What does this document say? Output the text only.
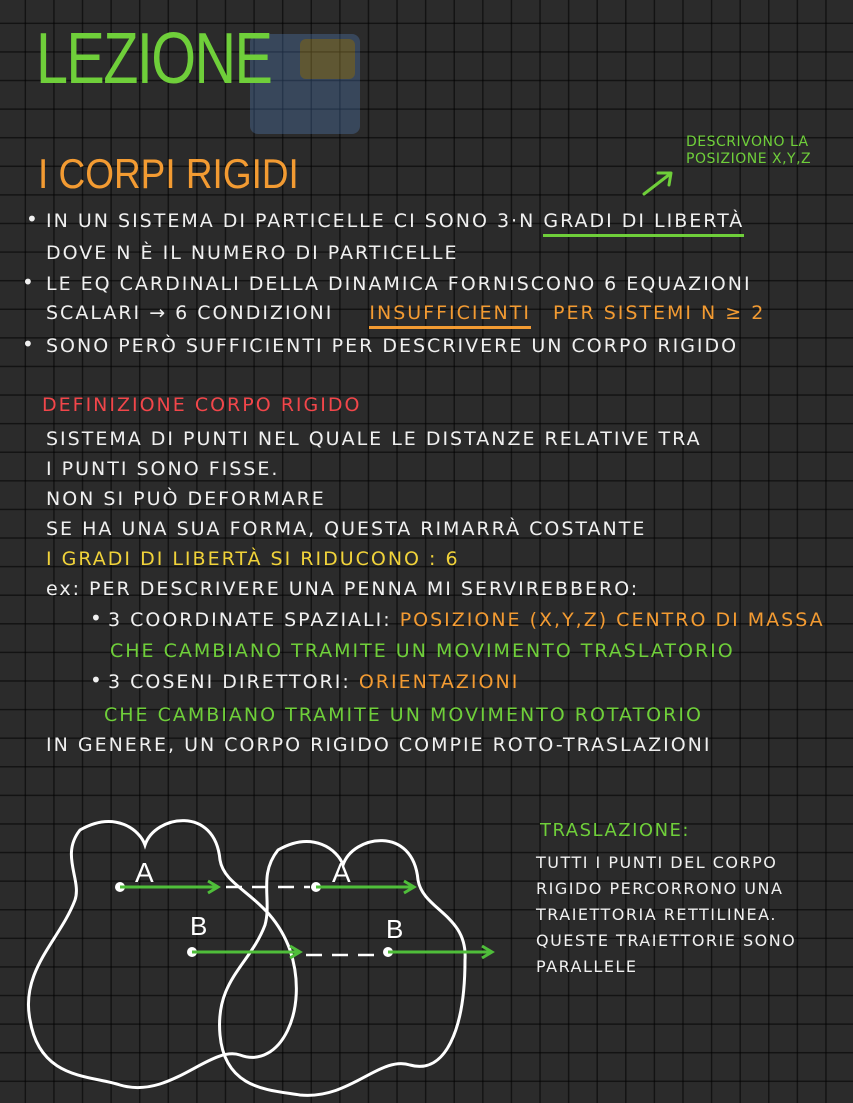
LEZIONE
I CORPI RIGIDI
DESCRIVONO LA POSIZIONE X,Y,Z
• IN UN SISTEMA DI PARTICELLE CI SONO 3·N GRADI DI LIBERTÀ
DOVE N È IL NUMERO DI PARTICELLE
• LE EQ CARDINALI DELLA DINAMICA FORNISCONO 6 EQUAZIONI
SCALARI → 6 CONDIZIONI INSUFFICIENTI PER SISTEMI N ≥ 2
• SONO PERÒ SUFFICIENTI PER DESCRIVERE UN CORPO RIGIDO
DEFINIZIONE CORPO RIGIDO
SISTEMA DI PUNTI NEL QUALE LE DISTANZE RELATIVE TRA
I PUNTI SONO FISSE.
NON SI PUÒ DEFORMARE
SE HA UNA SUA FORMA, QUESTA RIMARRÀ COSTANTE
I GRADI DI LIBERTÀ SI RIDUCONO : 6
ex: PER DESCRIVERE UNA PENNA MI SERVIREBBERO:
• 3 COORDINATE SPAZIALI: POSIZIONE (X,Y,Z) CENTRO DI MASSA
CHE CAMBIANO TRAMITE UN MOVIMENTO TRASLATORIO
• 3 COSENI DIRETTORI: ORIENTAZIONI
CHE CAMBIANO TRAMITE UN MOVIMENTO ROTATORIO
IN GENERE, UN CORPO RIGIDO COMPIE ROTO-TRASLAZIONI
A
B
A
B
TRASLAZIONE:
TUTTI I PUNTI DEL CORPO RIGIDO PERCORRONO UNA TRAIETTORIA RETTILINEA. QUESTE TRAIETTORIE SONO PARALLELE
